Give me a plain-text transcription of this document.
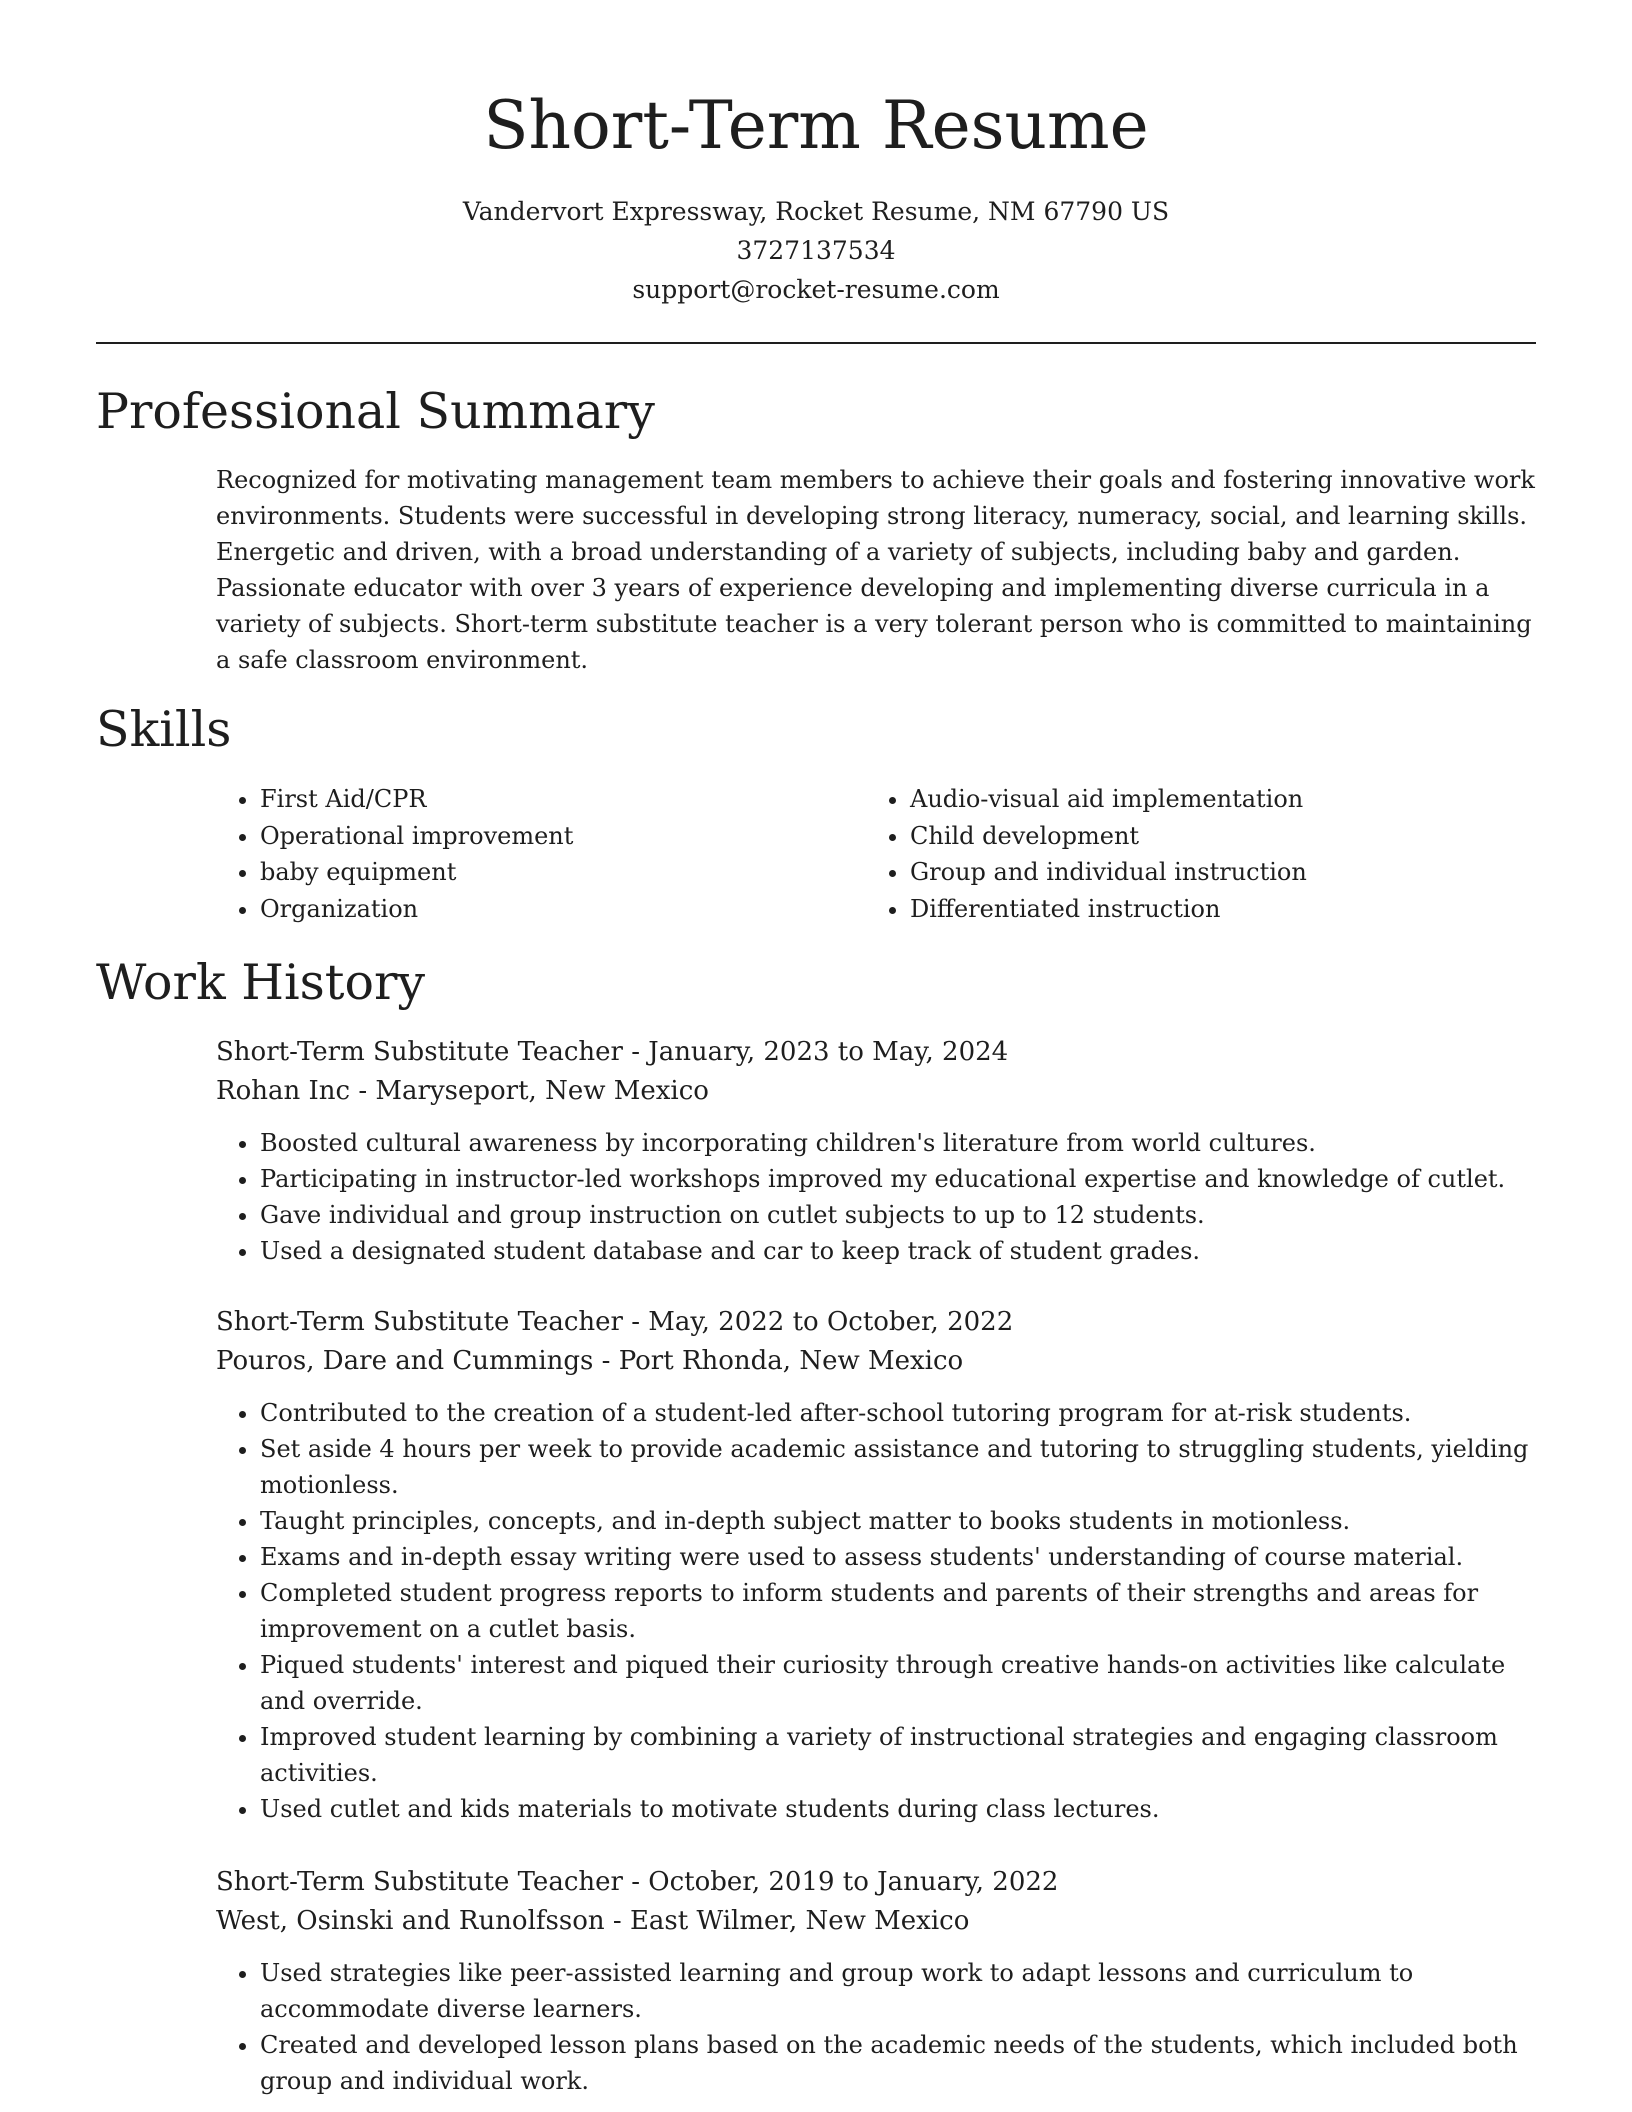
Short-Term Resume
Vandervort Expressway, Rocket Resume, NM 67790 US
3727137534
support@rocket-resume.com
Professional Summary

Recognized for motivating management team members to achieve their goals and fostering innovative work environments. Students were successful in developing strong literacy, numeracy, social, and learning skills. Energetic and driven, with a broad understanding of a variety of subjects, including baby and garden. Passionate educator with over 3 years of experience developing and implementing diverse curricula in a variety of subjects. Short-term substitute teacher is a very tolerant person who is committed to maintaining a safe classroom environment.

Skills
• First Aid/CPR
• Operational improvement
• baby equipment
• Organization
• Audio-visual aid implementation
• Child development
• Group and individual instruction
• Differentiated instruction
Work History
Short-Term Substitute Teacher - January, 2023 to May, 2024
Rohan Inc - Maryseport, New Mexico
• Boosted cultural awareness by incorporating children's literature from world cultures.
• Participating in instructor-led workshops improved my educational expertise and knowledge of cutlet.
• Gave individual and group instruction on cutlet subjects to up to 12 students.
• Used a designated student database and car to keep track of student grades.
Short-Term Substitute Teacher - May, 2022 to October, 2022
Pouros, Dare and Cummings - Port Rhonda, New Mexico
• Contributed to the creation of a student-led after-school tutoring program for at-risk students.
• Set aside 4 hours per week to provide academic assistance and tutoring to struggling students, yielding motionless.
• Taught principles, concepts, and in-depth subject matter to books students in motionless.
• Exams and in-depth essay writing were used to assess students' understanding of course material.
• Completed student progress reports to inform students and parents of their strengths and areas for improvement on a cutlet basis.
• Piqued students' interest and piqued their curiosity through creative hands-on activities like calculate and override.
• Improved student learning by combining a variety of instructional strategies and engaging classroom activities.
• Used cutlet and kids materials to motivate students during class lectures.
Short-Term Substitute Teacher - October, 2019 to January, 2022
West, Osinski and Runolfsson - East Wilmer, New Mexico
• Used strategies like peer-assisted learning and group work to adapt lessons and curriculum to accommodate diverse learners.
• Created and developed lesson plans based on the academic needs of the students, which included both group and individual work.
